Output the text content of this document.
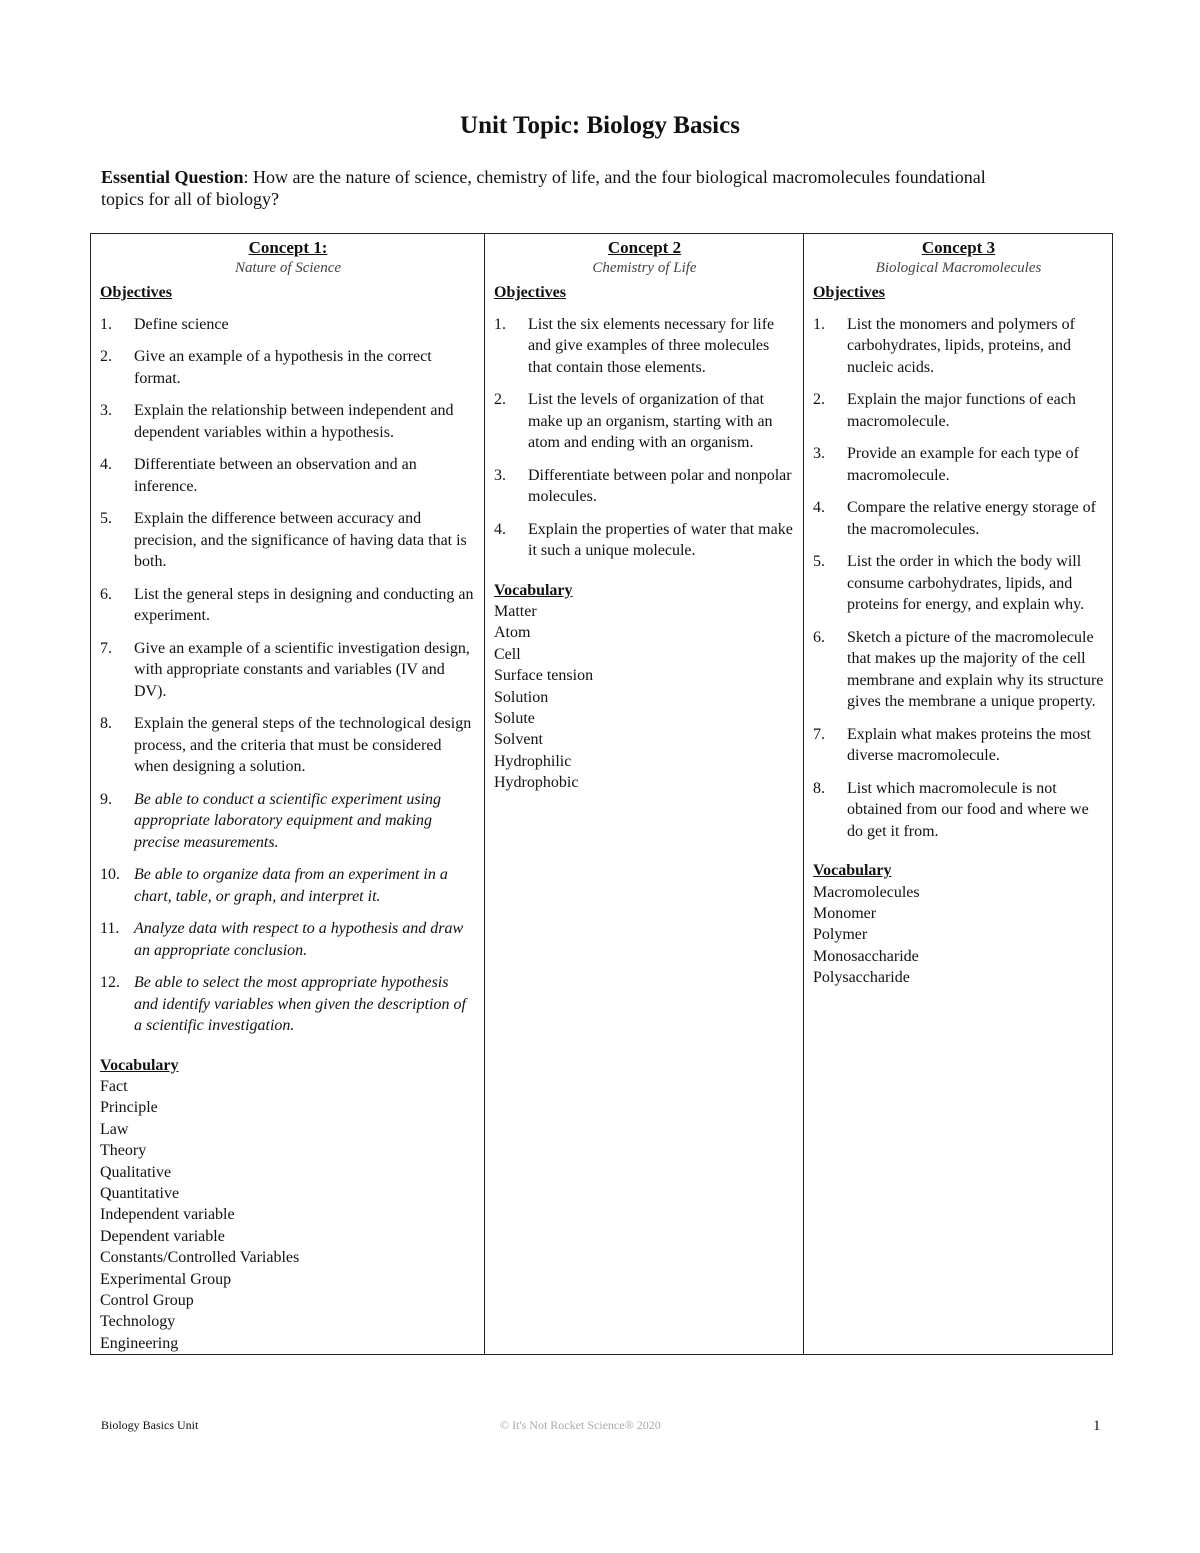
Unit Topic: Biology Basics
Essential Question: How are the nature of science, chemistry of life, and the four biological macromolecules foundational topics for all of biology?
Concept 1:
Nature of Science
Objectives
1. Define science
2. Give an example of a hypothesis in the correct format.
3. Explain the relationship between independent and dependent variables within a hypothesis.
4. Differentiate between an observation and an inference.
5. Explain the difference between accuracy and precision, and the significance of having data that is both.
6. List the general steps in designing and conducting an experiment.
7. Give an example of a scientific investigation design, with appropriate constants and variables (IV and DV).
8. Explain the general steps of the technological design process, and the criteria that must be considered when designing a solution.
9. Be able to conduct a scientific experiment using appropriate laboratory equipment and making precise measurements.
10. Be able to organize data from an experiment in a chart, table, or graph, and interpret it.
11. Analyze data with respect to a hypothesis and draw an appropriate conclusion.
12. Be able to select the most appropriate hypothesis and identify variables when given the description of a scientific investigation.
Vocabulary
Fact
Principle
Law
Theory
Qualitative
Quantitative
Independent variable
Dependent variable
Constants/Controlled Variables
Experimental Group
Control Group
Technology
Engineering

Concept 2
Chemistry of Life
Objectives
1. List the six elements necessary for life and give examples of three molecules that contain those elements.
2. List the levels of organization of that make up an organism, starting with an atom and ending with an organism.
3. Differentiate between polar and nonpolar molecules.
4. Explain the properties of water that make it such a unique molecule.
Vocabulary
Matter
Atom
Cell
Surface tension
Solution
Solute
Solvent
Hydrophilic
Hydrophobic

Concept 3
Biological Macromolecules
Objectives
1. List the monomers and polymers of carbohydrates, lipids, proteins, and nucleic acids.
2. Explain the major functions of each macromolecule.
3. Provide an example for each type of macromolecule.
4. Compare the relative energy storage of the macromolecules.
5. List the order in which the body will consume carbohydrates, lipids, and proteins for energy, and explain why.
6. Sketch a picture of the macromolecule that makes up the majority of the cell membrane and explain why its structure gives the membrane a unique property.
7. Explain what makes proteins the most diverse macromolecule.
8. List which macromolecule is not obtained from our food and where we do get it from.
Vocabulary
Macromolecules
Monomer
Polymer
Monosaccharide
Polysaccharide
Biology Basics Unit	© It's Not Rocket Science® 2020	1
